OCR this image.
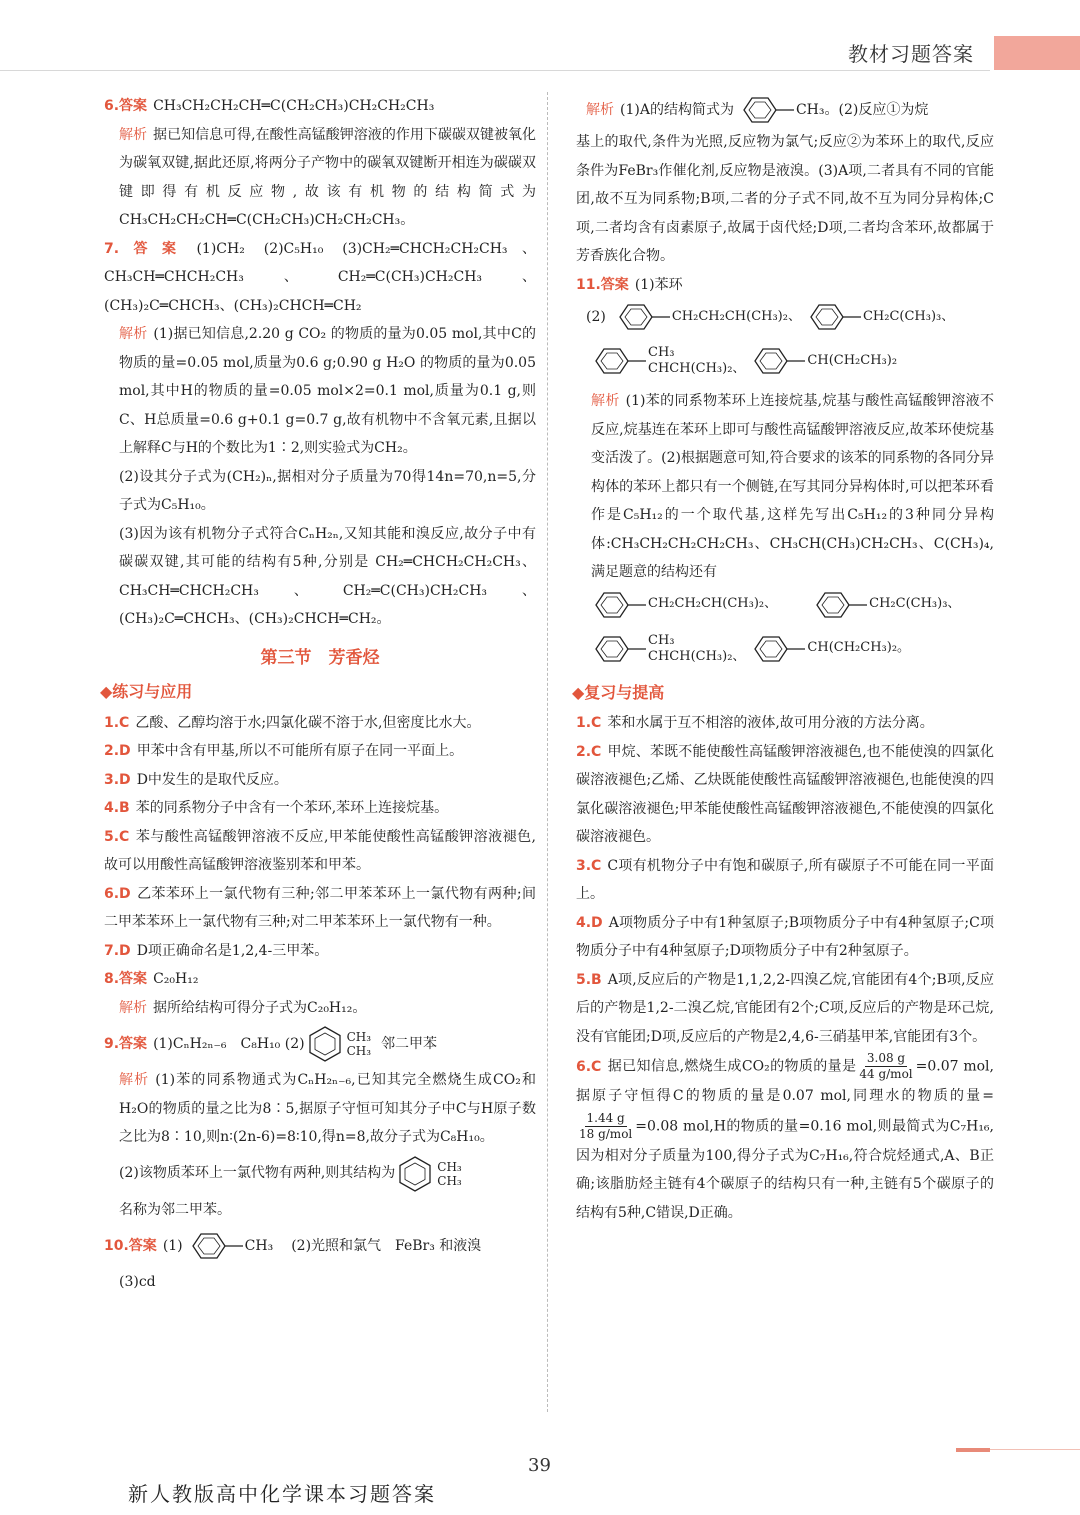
教材习题答案

6.答案 CH₃CH₂CH₂CH═C(CH₂CH₃)CH₂CH₂CH₃

解析 据已知信息可得,在酸性高锰酸钾溶液的作用下碳碳双键被氧化为碳氧双键,据此还原,将两分子产物中的碳氧双键断开相连为碳碳双键即得有机反应物,故该有机物的结构简式为 CH₃CH₂CH₂CH═C(CH₂CH₃)CH₂CH₂CH₃。

7.答案 (1)CH₂ (2)C₅H₁₀ (3)CH₂═CHCH₂CH₂CH₃、CH₃CH═CHCH₂CH₃、CH₂═C(CH₃)CH₂CH₃、(CH₃)₂C═CHCH₃、(CH₃)₂CHCH═CH₂

解析 (1)据已知信息,2.20 g CO₂ 的物质的量为0.05 mol,其中C的物质的量=0.05 mol,质量为0.6 g;0.90 g H₂O 的物质的量为0.05 mol,其中H的物质的量=0.05 mol×2=0.1 mol,质量为0.1 g,则C、H总质量=0.6 g+0.1 g=0.7 g,故有机物中不含氧元素,且据以上解释C与H的个数比为1∶2,则实验式为CH₂。

(2)设其分子式为(CH₂)ₙ,据相对分子质量为70得14n=70,n=5,分子式为C₅H₁₀。

(3)因为该有机物分子式符合CₙH₂ₙ,又知其能和溴反应,故分子中有碳碳双键,其可能的结构有5种,分别是 CH₂═CHCH₂CH₂CH₃、CH₃CH═CHCH₂CH₃、CH₂═C(CH₃)CH₂CH₃、(CH₃)₂C═CHCH₃、(CH₃)₂CHCH═CH₂。

第三节　芳香烃
◆练习与应用

1.C 乙酸、乙醇均溶于水;四氯化碳不溶于水,但密度比水大。

2.D 甲苯中含有甲基,所以不可能所有原子在同一平面上。

3.D D中发生的是取代反应。

4.B 苯的同系物分子中含有一个苯环,苯环上连接烷基。

5.C 苯与酸性高锰酸钾溶液不反应,甲苯能使酸性高锰酸钾溶液褪色,故可以用酸性高锰酸钾溶液鉴别苯和甲苯。

6.D 乙苯苯环上一氯代物有三种;邻二甲苯苯环上一氯代物有两种;间二甲苯苯环上一氯代物有三种;对二甲苯苯环上一氯代物有一种。

7.D D项正确命名是1,2,4-三甲苯。

8.答案 C₂₀H₁₂

解析 据所给结构可得分子式为C₂₀H₁₂。

9.答案 (1)CₙH₂ₙ₋₆　C₈H₁₀ (2)	CH₃
CH₃ 邻二甲苯

解析 (1)苯的同系物通式为CₙH₂ₙ₋₆,已知其完全燃烧生成CO₂和H₂O的物质的量之比为8∶5,据原子守恒可知其分子中C与H原子数之比为8∶10,则n∶(2n-6)=8∶10,得n=8,故分子式为C₈H₁₀。

(2)该物质苯环上一氯代物有两种,则其结构为	CH₃
CH₃

名称为邻二甲苯。

10.答案 (1)	CH₃ (2)光照和氯气　FeBr₃ 和液溴

(3)cd

解析 (1)A的结构简式为	CH₃ 。(2)反应①为烷

基上的取代,条件为光照,反应物为氯气;反应②为苯环上的取代,反应条件为FeBr₃作催化剂,反应物是液溴。(3)A项,二者具有不同的官能团,故不互为同系物;B项,二者的分子式不同,故不互为同分异构体;C项,二者均含有卤素原子,故属于卤代烃;D项,二者均含苯环,故都属于芳香族化合物。

11.答案 (1)苯环

(2)	CH₂CH₂CH(CH₃)₂、	CH₂C(CH₃)₃、
CH₃
CHCH(CH₃)₂、
CH(CH₂CH₃)₂

解析 (1)苯的同系物苯环上连接烷基,烷基与酸性高锰酸钾溶液不反应,烷基连在苯环上即可与酸性高锰酸钾溶液反应,故苯环使烷基变活泼了。(2)根据题意可知,符合要求的该苯的同系物的各同分异构体的苯环上都只有一个侧链,在写其同分异构体时,可以把苯环看作是C₅H₁₂的一个取代基,这样先写出C₅H₁₂的3种同分异构体:CH₃CH₂CH₂CH₂CH₃、CH₃CH(CH₃)CH₂CH₃、C(CH₃)₄,满足题意的结构还有

CH₂CH₂CH(CH₃)₂、	CH₂C(CH₃)₃、
CH₃
CHCH(CH₃)₂、
CH(CH₂CH₃)₂。
◆复习与提高

1.C 苯和水属于互不相溶的液体,故可用分液的方法分离。

2.C 甲烷、苯既不能使酸性高锰酸钾溶液褪色,也不能使溴的四氯化碳溶液褪色;乙烯、乙炔既能使酸性高锰酸钾溶液褪色,也能使溴的四氯化碳溶液褪色;甲苯能使酸性高锰酸钾溶液褪色,不能使溴的四氯化碳溶液褪色。

3.C C项有机物分子中有饱和碳原子,所有碳原子不可能在同一平面上。

4.D A项物质分子中有1种氢原子;B项物质分子中有4种氢原子;C项物质分子中有4种氢原子;D项物质分子中有2种氢原子。

5.B A项,反应后的产物是1,1,2,2-四溴乙烷,官能团有4个;B项,反应后的产物是1,2-二溴乙烷,官能团有2个;C项,反应后的产物是环己烷,没有官能团;D项,反应后的产物是2,4,6-三硝基甲苯,官能团有3个。

6.C 据已知信息,燃烧生成CO₂的物质的量是
3.08 g
44 g/mol =0.07 mol,据原子守恒得C的物质的量是0.07 mol,同理水的物质的量=
1.44 g
18 g/mol =0.08 mol,H的物质的量=0.16 mol,则最简式为C₇H₁₆,因为相对分子质量为100,得分子式为C₇H₁₆,符合烷烃通式,A、B正确;该脂肪烃主链有4个碳原子的结构只有一种,主链有5个碳原子的结构有5种,C错误,D正确。

39
新人教版高中化学课本习题答案
